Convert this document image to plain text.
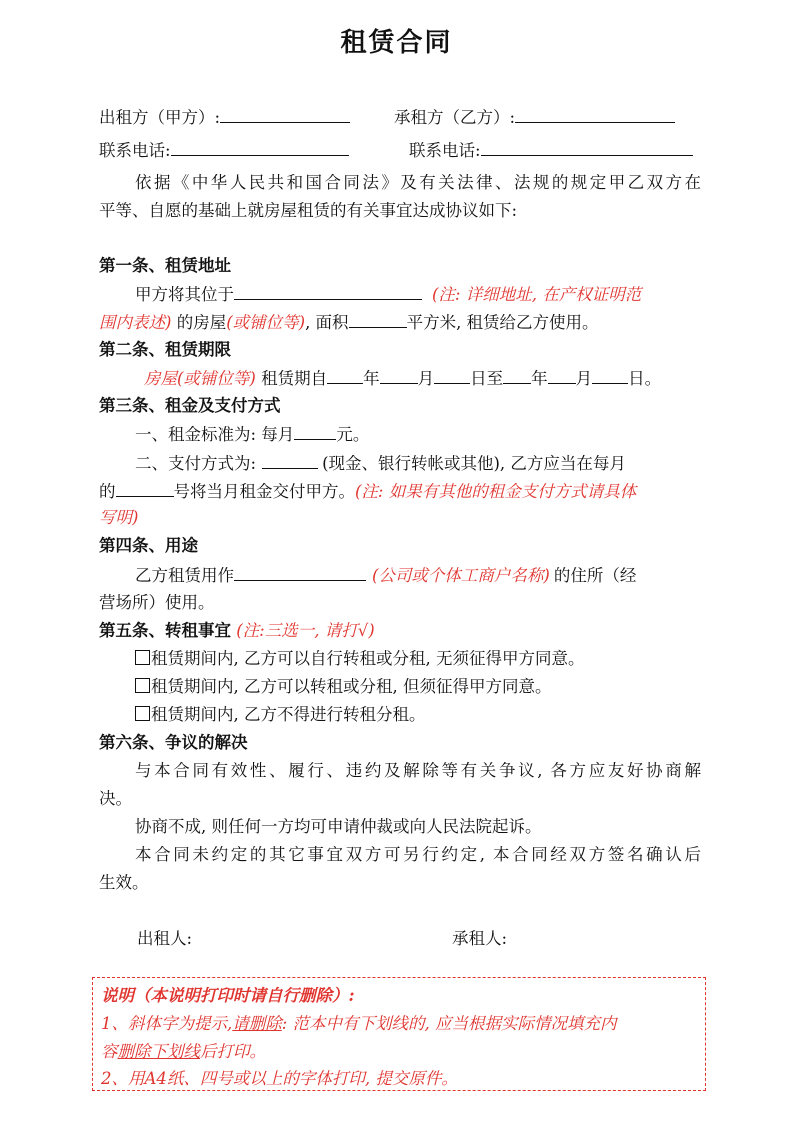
租赁合同
出租方（甲方）:	承租方（乙方）:
联系电话:	联系电话:
依据《中华人民共和国合同法》及有关法律、法规的规定甲乙双方在
平等、自愿的基础上就房屋租赁的有关事宜达成协议如下:
第一条、租赁地址
甲方将其位于	(注: 详细地址, 在产权证明范
围内表述) 的房屋(或铺位等), 面积	平方米, 租赁给乙方使用。
第二条、租赁期限
房屋(或铺位等) 租赁期自 年 月 日至 年 月 日。
第三条、租金及支付方式
一、租金标准为: 每月	元。
二、支付方式为:	(现金、银行转帐或其他), 乙方应当在每月
的	号将当月租金交付甲方。(注: 如果有其他的租金支付方式请具体
写明)
第四条、用途
乙方租赁用作	(公司或个体工商户名称) 的住所（经
营场所）使用。
第五条、转租事宜 (注:三选一, 请打√)
租赁期间内, 乙方可以自行转租或分租, 无须征得甲方同意。
租赁期间内, 乙方可以转租或分租, 但须征得甲方同意。
租赁期间内, 乙方不得进行转租分租。
第六条、争议的解决
与本合同有效性、履行、违约及解除等有关争议, 各方应友好协商解
决。
协商不成, 则任何一方均可申请仲裁或向人民法院起诉。
本合同未约定的其它事宜双方可另行约定, 本合同经双方签名确认后
生效。
出租人:	承租人:
说明（本说明打印时请自行删除）:
1、斜体字为提示,请删除: 范本中有下划线的, 应当根据实际情况填充内
容删除下划线后打印。
2、用A4纸、四号或以上的字体打印, 提交原件。
